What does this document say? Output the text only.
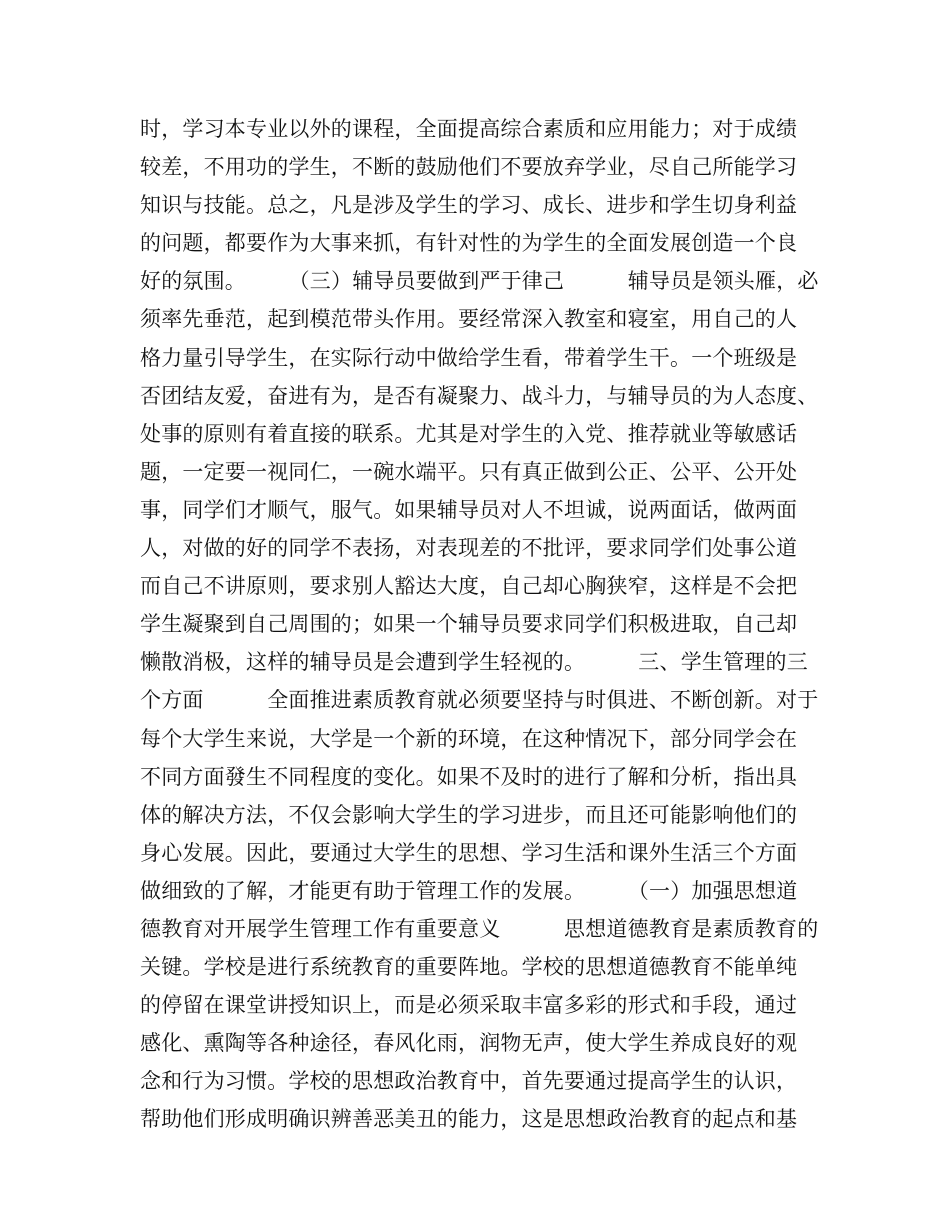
时，学习本专业以外的课程，全面提高综合素质和应用能力；对于成绩
较差，不用功的学生，不断的鼓励他们不要放弃学业，尽自己所能学习
知识与技能。总之，凡是涉及学生的学习、成长、进步和学生切身利益
的问题，都要作为大事来抓，有针对性的为学生的全面发展创造一个良
好的氛围。　　　（三）辅导员要做到严于律己　　　辅导员是领头雁，必
须率先垂范，起到模范带头作用。要经常深入教室和寝室，用自己的人
格力量引导学生，在实际行动中做给学生看，带着学生干。一个班级是
否团结友爱，奋进有为，是否有凝聚力、战斗力，与辅导员的为人态度、
处事的原则有着直接的联系。尤其是对学生的入党、推荐就业等敏感话
题，一定要一视同仁，一碗水端平。只有真正做到公正、公平、公开处
事，同学们才顺气，服气。如果辅导员对人不坦诚，说两面话，做两面
人，对做的好的同学不表扬，对表现差的不批评，要求同学们处事公道
而自己不讲原则，要求别人豁达大度，自己却心胸狭窄，这样是不会把
学生凝聚到自己周围的；如果一个辅导员要求同学们积极进取，自己却
懒散消极，这样的辅导员是会遭到学生轻视的。　　　三、学生管理的三
个方面　　　全面推进素质教育就必须要坚持与时俱进、不断创新。对于
每个大学生来说，大学是一个新的环境，在这种情况下，部分同学会在
不同方面發生不同程度的变化。如果不及时的进行了解和分析，指出具
体的解决方法，不仅会影响大学生的学习进步，而且还可能影响他们的
身心发展。因此，要通过大学生的思想、学习生活和课外生活三个方面
做细致的了解，才能更有助于管理工作的发展。　　　（一）加强思想道
德教育对开展学生管理工作有重要意义　　　思想道德教育是素质教育的
关键。学校是进行系统教育的重要阵地。学校的思想道德教育不能单纯
的停留在课堂讲授知识上，而是必须采取丰富多彩的形式和手段，通过
感化、熏陶等各种途径，春风化雨，润物无声，使大学生养成良好的观
念和行为习惯。学校的思想政治教育中，首先要通过提高学生的认识，
帮助他们形成明确识辨善恶美丑的能力，这是思想政治教育的起点和基
